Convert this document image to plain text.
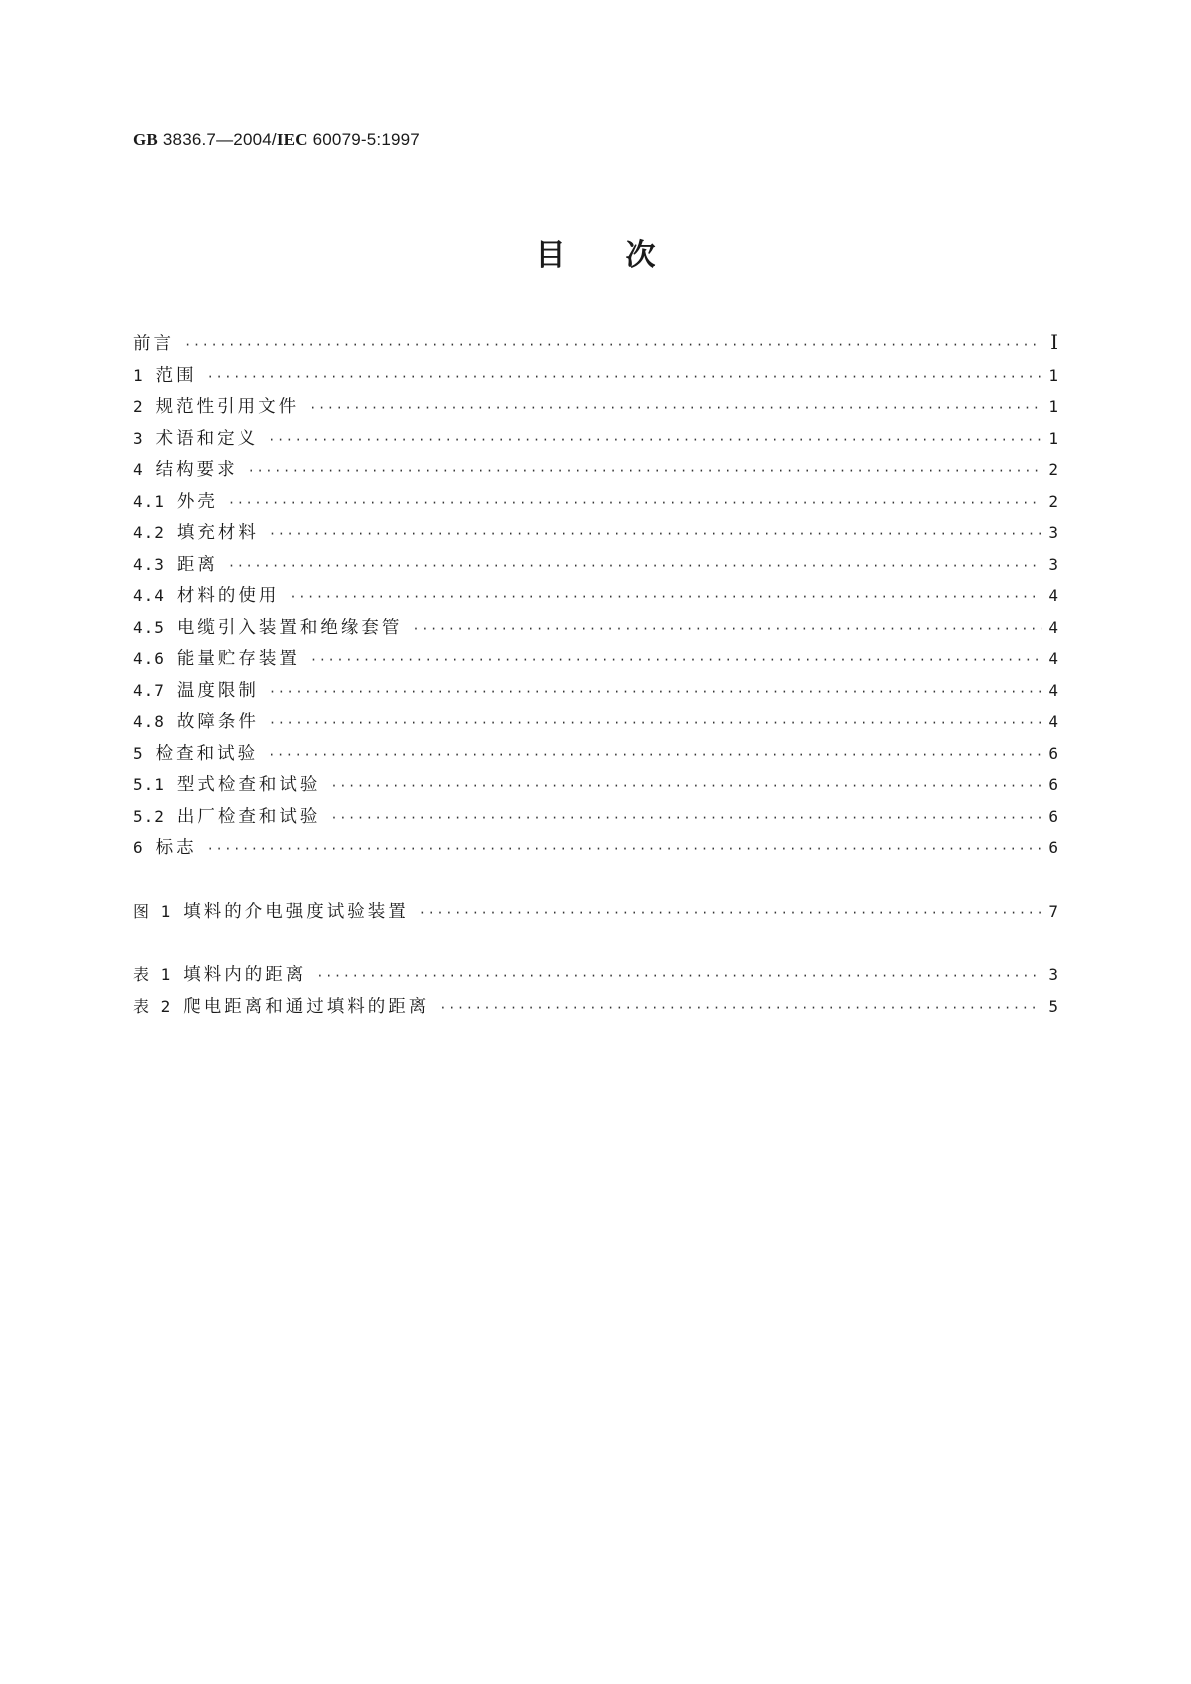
GB 3836.7—2004/IEC 60079-5:1997
目次
前言 ·····	Ⅰ
1 范围 ·····	1
2 规范性引用文件 ·····	1
3 术语和定义 ·····	1
4 结构要求 ·····	2
4.1 外壳 ·····	2
4.2 填充材料 ·····	3
4.3 距离 ·····	3
4.4 材料的使用 ·····	4
4.5 电缆引入装置和绝缘套管 ·····	4
4.6 能量贮存装置 ·····	4
4.7 温度限制 ·····	4
4.8 故障条件 ·····	4
5 检查和试验 ·····	6
5.1 型式检查和试验 ·····	6
5.2 出厂检查和试验 ·····	6
6 标志 ·····	6
图 1 填料的介电强度试验装置 ·····	7
表 1 填料内的距离 ·····	3
表 2 爬电距离和通过填料的距离 ·····	5
